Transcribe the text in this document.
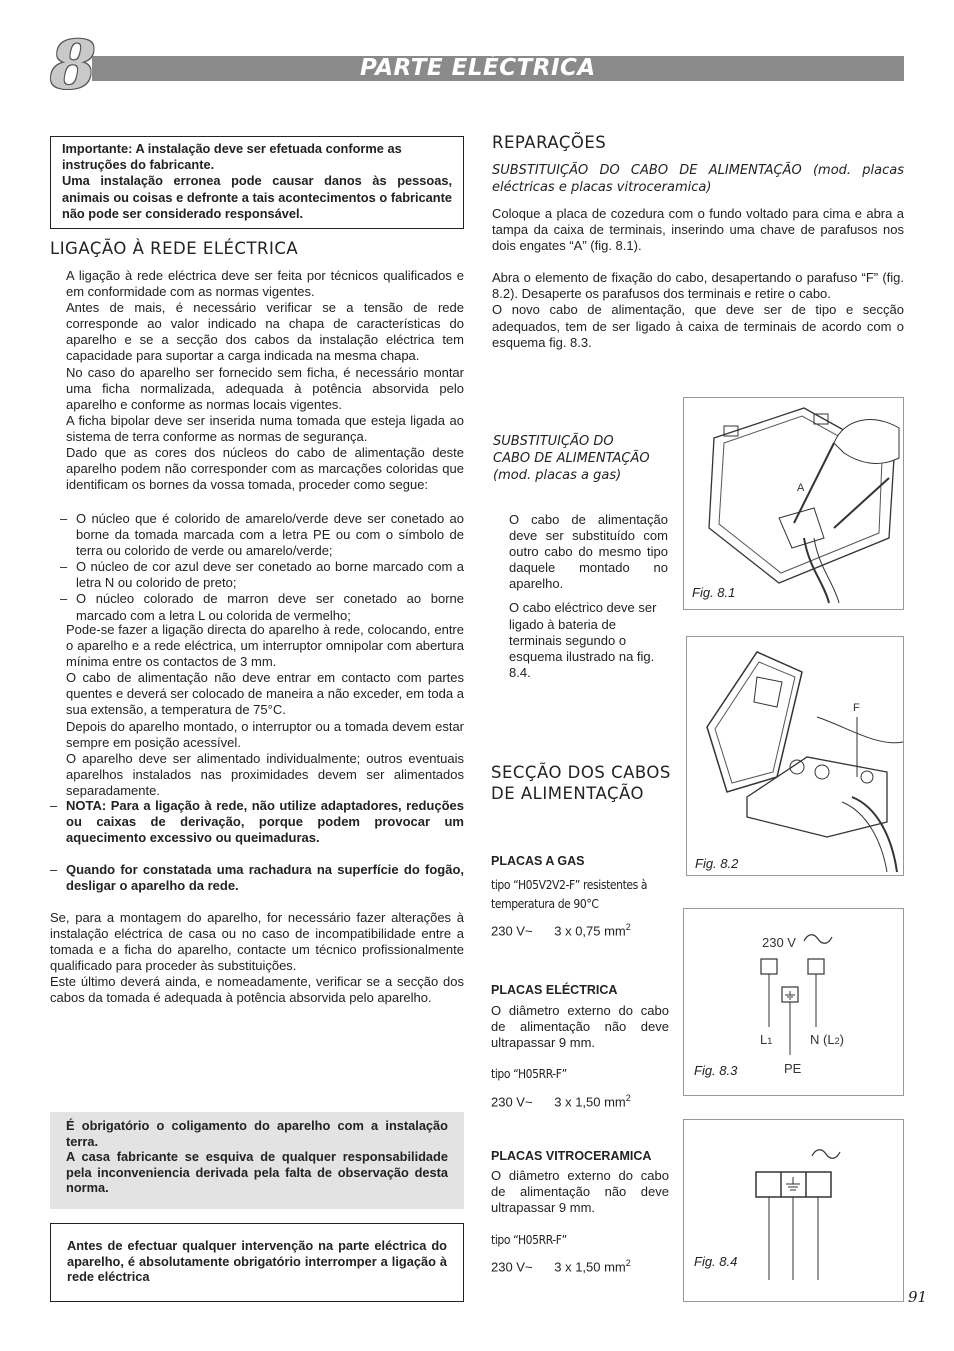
8	PARTE ELÉCTRICA
Importante: A instalação deve ser efetuada conforme as instruções do fabricante.
Uma instalação erronea pode causar danos às pessoas, animais ou coisas e defronte a tais acontecimentos o fabricante não pode ser considerado responsável.
LIGAÇÃO À REDE ELÉCTRICA
A ligação à rede eléctrica deve ser feita por técnicos qualificados e em conformidade com as normas vigentes.
Antes de mais, é necessário verificar se a tensão de rede corresponde ao valor indicado na chapa de características do aparelho e se a secção dos cabos da instalação eléctrica tem capacidade para suportar a carga indicada na mesma chapa.
No caso do aparelho ser fornecido sem ficha, é necessário montar uma ficha normalizada, adequada à potência absorvida pelo aparelho e conforme as normas locais vigentes.
A ficha bipolar deve ser inserida numa tomada que esteja ligada ao sistema de terra conforme as normas de segurança.
Dado que as cores dos núcleos do cabo de alimentação deste aparelho podem não corresponder com as marcações coloridas que identificam os bornes da vossa tomada, proceder como segue:
– O núcleo que é colorido de amarelo/verde deve ser conetado ao borne da tomada marcada com a letra PE ou com o símbolo de terra ou colorido de verde ou amarelo/verde;
– O núcleo de cor azul deve ser conetado ao borne marcado com a letra N ou colorido de preto;
– O núcleo colorado de marron deve ser conetado ao borne marcado com a letra L ou colorida de vermelho;
Pode-se fazer a ligação directa do aparelho à rede, colocando, entre o aparelho e a rede eléctrica, um interruptor omnipolar com abertura mínima entre os contactos de 3 mm.
O cabo de alimentação não deve entrar em contacto com partes quentes e deverá ser colocado de maneira a não exceder, em toda a sua extensão, a temperatura de 75°C.
Depois do aparelho montado, o interruptor ou a tomada devem estar sempre em posição acessível.
O aparelho deve ser alimentado individualmente; outros eventuais aparelhos instalados nas proximidades devem ser alimentados separadamente.
– NOTA: Para a ligação à rede, não utilize adaptadores, reduções ou caixas de derivação, porque podem provocar um aquecimento excessivo ou queimaduras.
– Quando for constatada uma rachadura na superfície do fogão, desligar o aparelho da rede.
Se, para a montagem do aparelho, for necessário fazer alterações à instalação eléctrica de casa ou no caso de incompatibilidade entre a tomada e a ficha do aparelho, contacte um técnico profissionalmente qualificado para proceder às substituições.
Este último deverá ainda, e nomeadamente, verificar se a secção dos cabos da tomada é adequada à potência absorvida pelo aparelho.
É obrigatório o coligamento do aparelho com a instalação terra.
A casa fabricante se esquiva de qualquer responsabilidade pela inconveniencia derivada pela falta de observação desta norma.
Antes de efectuar qualquer intervenção na parte eléctrica do aparelho, é absolutamente obrigatório interromper a ligação à rede eléctrica
REPARAÇÕES
SUBSTITUIÇÃO DO CABO DE ALIMENTAÇÃO (mod. placas eléctricas e placas vitroceramica)
Coloque a placa de cozedura com o fundo voltado para cima e abra a tampa da caixa de terminais, inserindo uma chave de parafusos nos dois engates “A” (fig. 8.1).
Abra o elemento de fixação do cabo, desapertando o parafuso “F” (fig. 8.2). Desaperte os parafusos dos terminais e retire o cabo.
O novo cabo de alimentação, que deve ser de tipo e secção adequados, tem de ser ligado à caixa de terminais de acordo com o esquema fig. 8.3.
SUBSTITUIÇÃO DO CABO DE ALIMENTAÇÃO (mod. placas a gas)
O cabo de alimentação deve ser substituído com outro cabo do mesmo tipo daquele montado no aparelho.
O cabo eléctrico deve ser ligado à bateria de terminais segundo o esquema ilustrado na fig. 8.4.
SECÇÃO DOS CABOS DE ALIMENTAÇÃO
PLACAS A GAS
tipo “H05V2V2-F” resistentes à temperatura de 90°C
230 V~      3 x 0,75 $mm^2$
PLACAS ELÉCTRICA
O diâmetro externo do cabo de alimentação não deve ultrapassar 9 mm.
tipo “H05RR-F”
230 V~      3 x 1,50 $mm^2$
PLACAS VITROCERAMICA
O diâmetro externo do cabo de alimentação não deve ultrapassar 9 mm.
tipo “H05RR-F”
230 V~      3 x 1,50 $mm^2$
A
Fig. 8.1
F
Fig. 8.2
230 V
L1	N (L2)
PE
Fig. 8.3
Fig. 8.4
91
